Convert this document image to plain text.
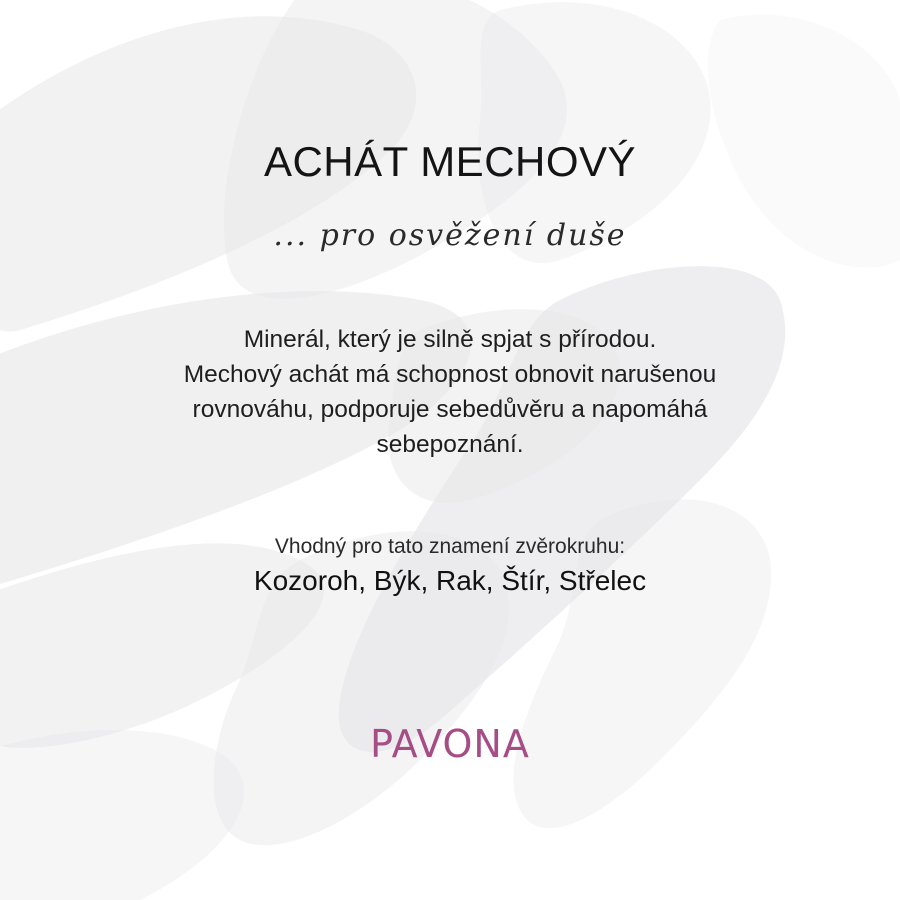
ACHÁT MECHOVÝ
... pro osvěžení duše

Minerál, který je silně spjat s přírodou.
Mechový achát má schopnost obnovit narušenou
rovnováhu, podporuje sebedůvěru a napomáhá
sebepoznání.

Vhodný pro tato znamení zvěrokruhu:
Kozoroh, Býk, Rak, Štír, Střelec
PAVONA
